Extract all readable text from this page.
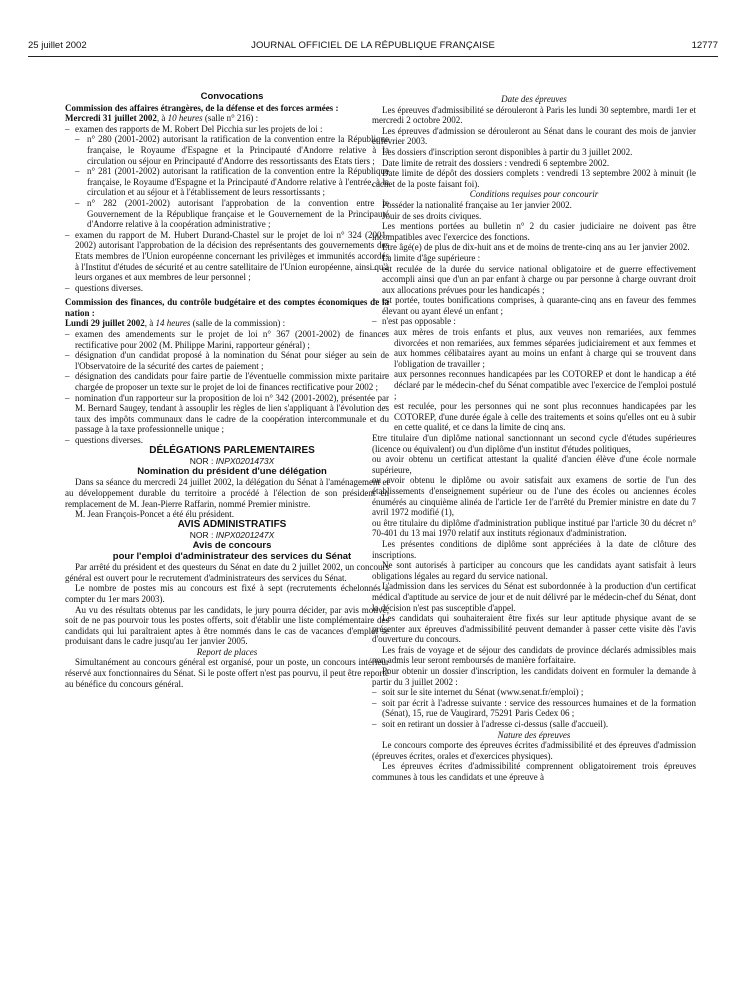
25 juillet 2002	JOURNAL OFFICIEL DE LA RÉPUBLIQUE FRANÇAISE	12777

Convocations

Commission des affaires étrangères, de la défense et des forces armées :

Mercredi 31 juillet 2002, à 10 heures (salle n° 216) :

– examen des rapports de M. Robert Del Picchia sur les projets de loi :
– n° 280 (2001-2002) autorisant la ratification de la convention entre la République française, le Royaume d'Espagne et la Principauté d'Andorre relative à la circulation ou séjour en Principauté d'Andorre des ressortissants des Etats tiers ;
– n° 281 (2001-2002) autorisant la ratification de la convention entre la République française, le Royaume d'Espagne et la Principauté d'Andorre relative à l'entrée, à la circulation et au séjour et à l'établissement de leurs ressortissants ;
– n° 282 (2001-2002) autorisant l'approbation de la convention entre le Gouvernement de la République française et le Gouvernement de la Principauté d'Andorre relative à la coopération administrative ;
– examen du rapport de M. Hubert Durand-Chastel sur le projet de loi n° 324 (2001-2002) autorisant l'approbation de la décision des représentants des gouvernements des Etats membres de l'Union européenne concernant les privilèges et immunités accordés à l'Institut d'études de sécurité et au centre satellitaire de l'Union européenne, ainsi qu'à leurs organes et aux membres de leur personnel ;
– questions diverses.

Commission des finances, du contrôle budgétaire et des comptes économiques de la nation :

Lundi 29 juillet 2002, à 14 heures (salle de la commission) :

– examen des amendements sur le projet de loi n° 367 (2001-2002) de finances rectificative pour 2002 (M. Philippe Marini, rapporteur général) ;
– désignation d'un candidat proposé à la nomination du Sénat pour siéger au sein de l'Observatoire de la sécurité des cartes de paiement ;
– désignation des candidats pour faire partie de l'éventuelle commission mixte paritaire chargée de proposer un texte sur le projet de loi de finances rectificative pour 2002 ;
– nomination d'un rapporteur sur la proposition de loi n° 342 (2001-2002), présentée par M. Bernard Saugey, tendant à assouplir les règles de lien s'appliquant à l'évolution des taux des impôts communaux dans le cadre de la coopération intercommunale et du passage à la taxe professionnelle unique ;
– questions diverses.

DÉLÉGATIONS PARLEMENTAIRES

NOR : INPX0201473X

Nomination du président d'une délégation

Dans sa séance du mercredi 24 juillet 2002, la délégation du Sénat à l'aménagement et au développement durable du territoire a procédé à l'élection de son président en remplacement de M. Jean-Pierre Raffarin, nommé Premier ministre.

M. Jean François-Poncet a été élu président.

AVIS ADMINISTRATIFS

NOR : INPX0201247X

Avis de concours

pour l'emploi d'administrateur des services du Sénat

Par arrêté du président et des questeurs du Sénat en date du 2 juillet 2002, un concours général est ouvert pour le recrutement d'administrateurs des services du Sénat.

Le nombre de postes mis au concours est fixé à sept (recrutements échelonnés à compter du 1er mars 2003).

Au vu des résultats obtenus par les candidats, le jury pourra décider, par avis motivé, soit de ne pas pourvoir tous les postes offerts, soit d'établir une liste complémentaire des candidats qui lui paraîtraient aptes à être nommés dans le cas de vacances d'emploi se produisant dans le cadre jusqu'au 1er janvier 2005.

Report de places

Simultanément au concours général est organisé, pour un poste, un concours intérieur réservé aux fonctionnaires du Sénat. Si le poste offert n'est pas pourvu, il peut être reporté au bénéfice du concours général.

Date des épreuves

Les épreuves d'admissibilité se dérouleront à Paris les lundi 30 septembre, mardi 1er et mercredi 2 octobre 2002.

Les épreuves d'admission se dérouleront au Sénat dans le courant des mois de janvier et février 2003.

Les dossiers d'inscription seront disponibles à partir du 3 juillet 2002.

Date limite de retrait des dossiers : vendredi 6 septembre 2002.

Date limite de dépôt des dossiers complets : vendredi 13 septembre 2002 à minuit (le cachet de la poste faisant foi).

Conditions requises pour concourir

Posséder la nationalité française au 1er janvier 2002.

Jouir de ses droits civiques.

Les mentions portées au bulletin n° 2 du casier judiciaire ne doivent pas être incompatibles avec l'exercice des fonctions.

Etre âgé(e) de plus de dix-huit ans et de moins de trente-cinq ans au 1er janvier 2002.

La limite d'âge supérieure :

– est reculée de la durée du service national obligatoire et de guerre effectivement accompli ainsi que d'un an par enfant à charge ou par personne à charge ouvrant droit aux allocations prévues pour les handicapés ;
– est portée, toutes bonifications comprises, à quarante-cinq ans en faveur des femmes élevant ou ayant élevé un enfant ;
– n'est pas opposable :
– aux mères de trois enfants et plus, aux veuves non remariées, aux femmes divorcées et non remariées, aux femmes séparées judiciairement et aux femmes et aux hommes célibataires ayant au moins un enfant à charge qui se trouvent dans l'obligation de travailler ;
– aux personnes reconnues handicapées par les COTOREP et dont le handicap a été déclaré par le médecin-chef du Sénat compatible avec l'exercice de l'emploi postulé ;
– est reculée, pour les personnes qui ne sont plus reconnues handicapées par les COTOREP, d'une durée égale à celle des traitements et soins qu'elles ont eu à subir en cette qualité, et ce dans la limite de cinq ans.

Etre titulaire d'un diplôme national sanctionnant un second cycle d'études supérieures (licence ou équivalent) ou d'un diplôme d'un institut d'études politiques,

ou avoir obtenu un certificat attestant la qualité d'ancien élève d'une école normale supérieure,

ou avoir obtenu le diplôme ou avoir satisfait aux examens de sortie de l'un des établissements d'enseignement supérieur ou de l'une des écoles ou anciennes écoles énumérés au cinquième alinéa de l'article 1er de l'arrêté du Premier ministre en date du 7 avril 1972 modifié (1),

ou être titulaire du diplôme d'administration publique institué par l'article 30 du décret n° 70-401 du 13 mai 1970 relatif aux instituts régionaux d'administration.

Les présentes conditions de diplôme sont appréciées à la date de clôture des inscriptions.

Ne sont autorisés à participer au concours que les candidats ayant satisfait à leurs obligations légales au regard du service national.

L'admission dans les services du Sénat est subordonnée à la production d'un certificat médical d'aptitude au service de jour et de nuit délivré par le médecin-chef du Sénat, dont la décision n'est pas susceptible d'appel.

Les candidats qui souhaiteraient être fixés sur leur aptitude physique avant de se présenter aux épreuves d'admissibilité peuvent demander à passer cette visite dès l'avis d'ouverture du concours.

Les frais de voyage et de séjour des candidats de province déclarés admissibles mais non admis leur seront remboursés de manière forfaitaire.

Pour obtenir un dossier d'inscription, les candidats doivent en formuler la demande à partir du 3 juillet 2002 :

– soit sur le site internet du Sénat (www.senat.fr/emploi) ;
– soit par écrit à l'adresse suivante : service des ressources humaines et de la formation (Sénat), 15, rue de Vaugirard, 75291 Paris Cedex 06 ;
– soit en retirant un dossier à l'adresse ci-dessus (salle d'accueil).

Nature des épreuves

Le concours comporte des épreuves écrites d'admissibilité et des épreuves d'admission (épreuves écrites, orales et d'exercices physiques).

Les épreuves écrites d'admissibilité comprennent obligatoirement trois épreuves communes à tous les candidats et une épreuve à
